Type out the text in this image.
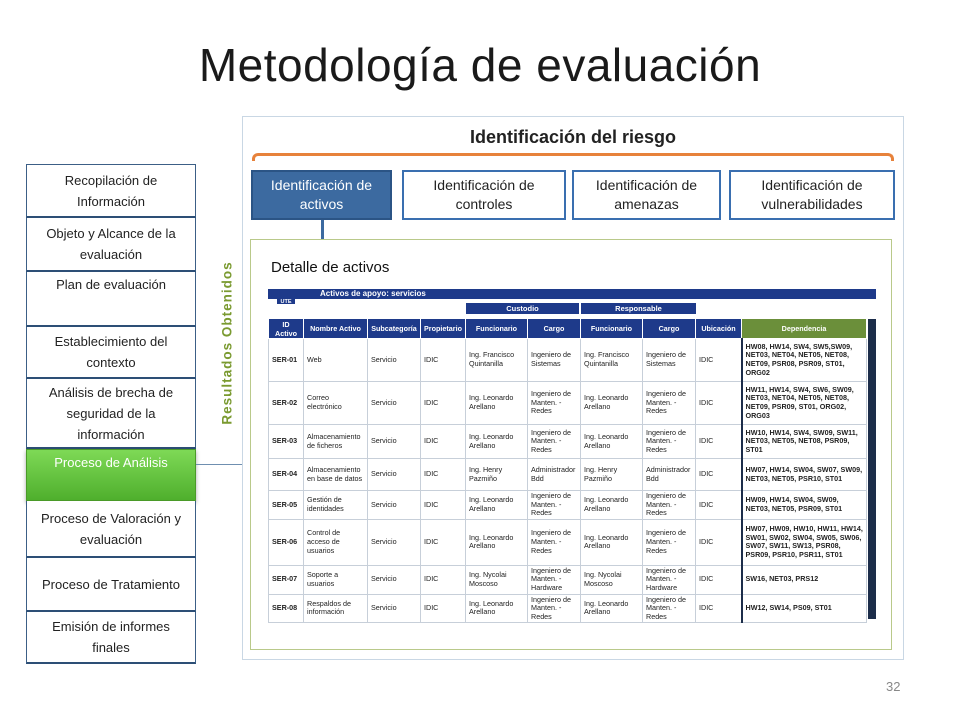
Metodología de evaluación
Recopilación de Información
Objeto y Alcance de la evaluación
Plan de evaluación
Establecimiento del contexto
Análisis de brecha de seguridad de la información
Proceso de Análisis
Proceso de Valoración y evaluación
Proceso de Tratamiento
Emisión de informes finales
Resultados Obtenidos
Identificación del riesgo
Identificación de activos
Identificación de controles
Identificación de amenazas
Identificación de vulnerabilidades
Detalle de activos
UTE
Activos de apoyo: servicios
Custodio	Responsable
ID Activo	Nombre Activo	Subcategoría	Propietario	Funcionario	Cargo	Funcionario	Cargo	Ubicación	Dependencia
SER-01	Web	Servicio	IDIC	Ing. Francisco Quintanilla	Ingeniero de Sistemas	Ing. Francisco Quintanilla	Ingeniero de Sistemas	IDIC	HW08, HW14, SW4, SW5,SW09, NET03, NET04, NET05, NET08, NET09, PSR08, PSR09, ST01, ORG02
SER-02	Correo electrónico	Servicio	IDIC	Ing. Leonardo Arellano	Ingeniero de Manten. - Redes	Ing. Leonardo Arellano	Ingeniero de Manten. - Redes	IDIC	HW11, HW14, SW4, SW6, SW09, NET03, NET04, NET05, NET08, NET09, PSR09, ST01, ORG02, ORG03
SER-03	Almacenamiento de ficheros	Servicio	IDIC	Ing. Leonardo Arellano	Ingeniero de Manten. - Redes	Ing. Leonardo Arellano	Ingeniero de Manten. - Redes	IDIC	HW10, HW14, SW4, SW09, SW11, NET03, NET05, NET08, PSR09, ST01
SER-04	Almacenamiento en base de datos	Servicio	IDIC	Ing. Henry Pazmiño	Administrador Bdd	Ing. Henry Pazmiño	Administrador Bdd	IDIC	HW07, HW14, SW04, SW07, SW09, NET03, NET05, PSR10, ST01
SER-05	Gestión de identidades	Servicio	IDIC	Ing. Leonardo Arellano	Ingeniero de Manten. - Redes	Ing. Leonardo Arellano	Ingeniero de Manten. - Redes	IDIC	HW09, HW14, SW04, SW09, NET03, NET05, PSR09, ST01
SER-06	Control de acceso de usuarios	Servicio	IDIC	Ing. Leonardo Arellano	Ingeniero de Manten. - Redes	Ing. Leonardo Arellano	Ingeniero de Manten. - Redes	IDIC	HW07, HW09, HW10, HW11, HW14, SW01, SW02, SW04, SW05, SW06, SW07, SW11, SW13, PSR08, PSR09, PSR10, PSR11, ST01
SER-07	Soporte a usuarios	Servicio	IDIC	Ing. Nycolai Moscoso	Ingeniero de Manten. - Hardware	Ing. Nycolai Moscoso	Ingeniero de Manten. - Hardware	IDIC	SW16, NET03, PRS12
SER-08	Respaldos de información	Servicio	IDIC	Ing. Leonardo Arellano	Ingeniero de Manten. - Redes	Ing. Leonardo Arellano	Ingeniero de Manten. - Redes	IDIC	HW12, SW14, PS09, ST01
32
